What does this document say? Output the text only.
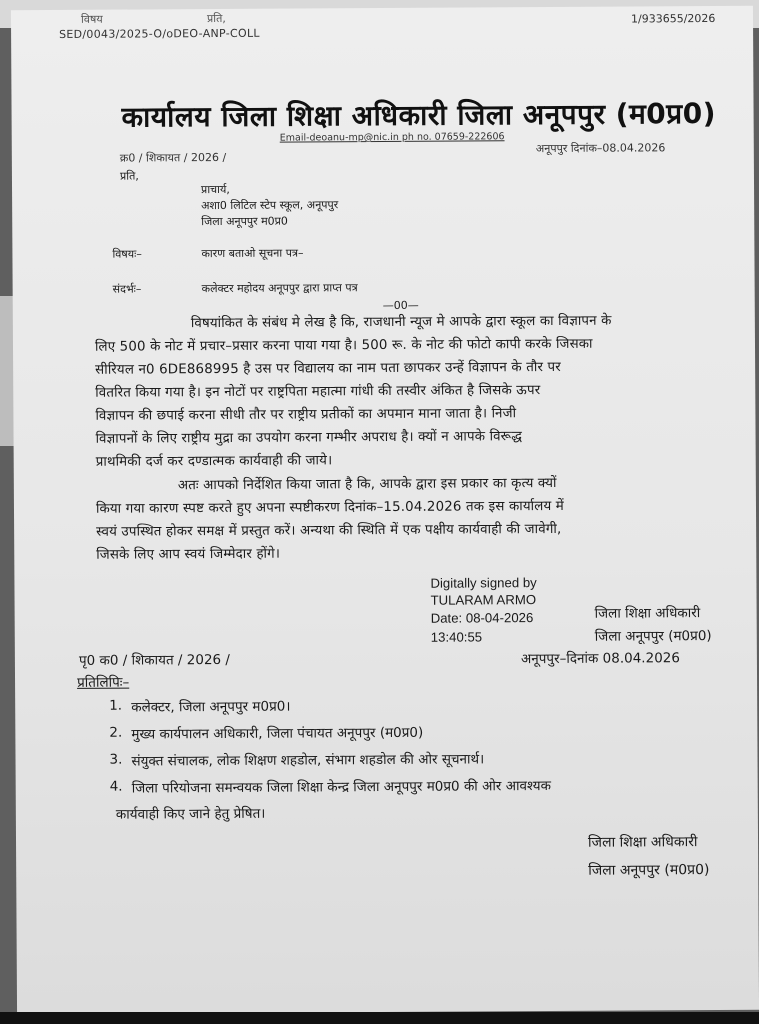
विषय	प्रति,
SED/0043/2025-O/oDEO-ANP-COLL
1/933655/2026
कार्यालय जिला शिक्षा अधिकारी जिला अनूपपुर (म0प्र0)
Email-deoanu-mp@nic.in ph no. 07659-222606
क्र0 / शिकायत / 2026 /
अनूपपुर दिनांक–08.04.2026
प्रति,
प्राचार्य,
अशा0 लिटिल स्टेप स्कूल, अनूपपुर
जिला अनूपपुर म0प्र0
विषयः–	कारण बताओ सूचना पत्र–
संदर्भः–	कलेक्टर महोदय अनूपपुर द्वारा प्राप्त पत्र
—00—
विषयांकित के संबंध मे लेख है कि, राजधानी न्यूज मे आपके द्वारा स्कूल का विज्ञापन के
लिए 500 के नोट में प्रचार–प्रसार करना पाया गया है। 500 रू. के नोट की फोटो कापी करके जिसका
सीरियल न0 6DE868995 है उस पर विद्यालय का नाम पता छापकर उन्हें विज्ञापन के तौर पर
वितरित किया गया है। इन नोटों पर राष्ट्रपिता महात्मा गांधी की तस्वीर अंकित है जिसके ऊपर
विज्ञापन की छपाई करना सीधी तौर पर राष्ट्रीय प्रतीकों का अपमान माना जाता है। निजी
विज्ञापनों के लिए राष्ट्रीय मुद्रा का उपयोग करना गम्भीर अपराध है। क्यों न आपके विरूद्ध
प्राथमिकी दर्ज कर दण्डात्मक कार्यवाही की जाये।
अतः आपको निर्देशित किया जाता है कि, आपके द्वारा इस प्रकार का कृत्य क्यों
किया गया कारण स्पष्ट करते हुए अपना स्पष्टीकरण दिनांक–15.04.2026 तक इस कार्यालय में
स्वयं उपस्थित होकर समक्ष में प्रस्तुत करें। अन्यथा की स्थिति में एक पक्षीय कार्यवाही की जावेगी,
जिसके लिए आप स्वयं जिम्मेदार होंगे।
Digitally signed by
TULARAM ARMO
Date: 08-04-2026
13:40:55
जिला शिक्षा अधिकारी
जिला अनूपपुर (म0प्र0)
पृ0 क0 / शिकायत / 2026 /	अनूपपुर–दिनांक 08.04.2026
प्रतिलिपिः–
1. कलेक्टर, जिला अनूपपुर म0प्र0।
2. मुख्य कार्यपालन अधिकारी, जिला पंचायत अनूपपुर (म0प्र0)
3. संयुक्त संचालक, लोक शिक्षण शहडोल, संभाग शहडोल की ओर सूचनार्थ।
4. जिला परियोजना समन्वयक जिला शिक्षा केन्द्र जिला अनूपपुर म0प्र0 की ओर आवश्यक
कार्यवाही किए जाने हेतु प्रेषित।
जिला शिक्षा अधिकारी
जिला अनूपपुर (म0प्र0)
